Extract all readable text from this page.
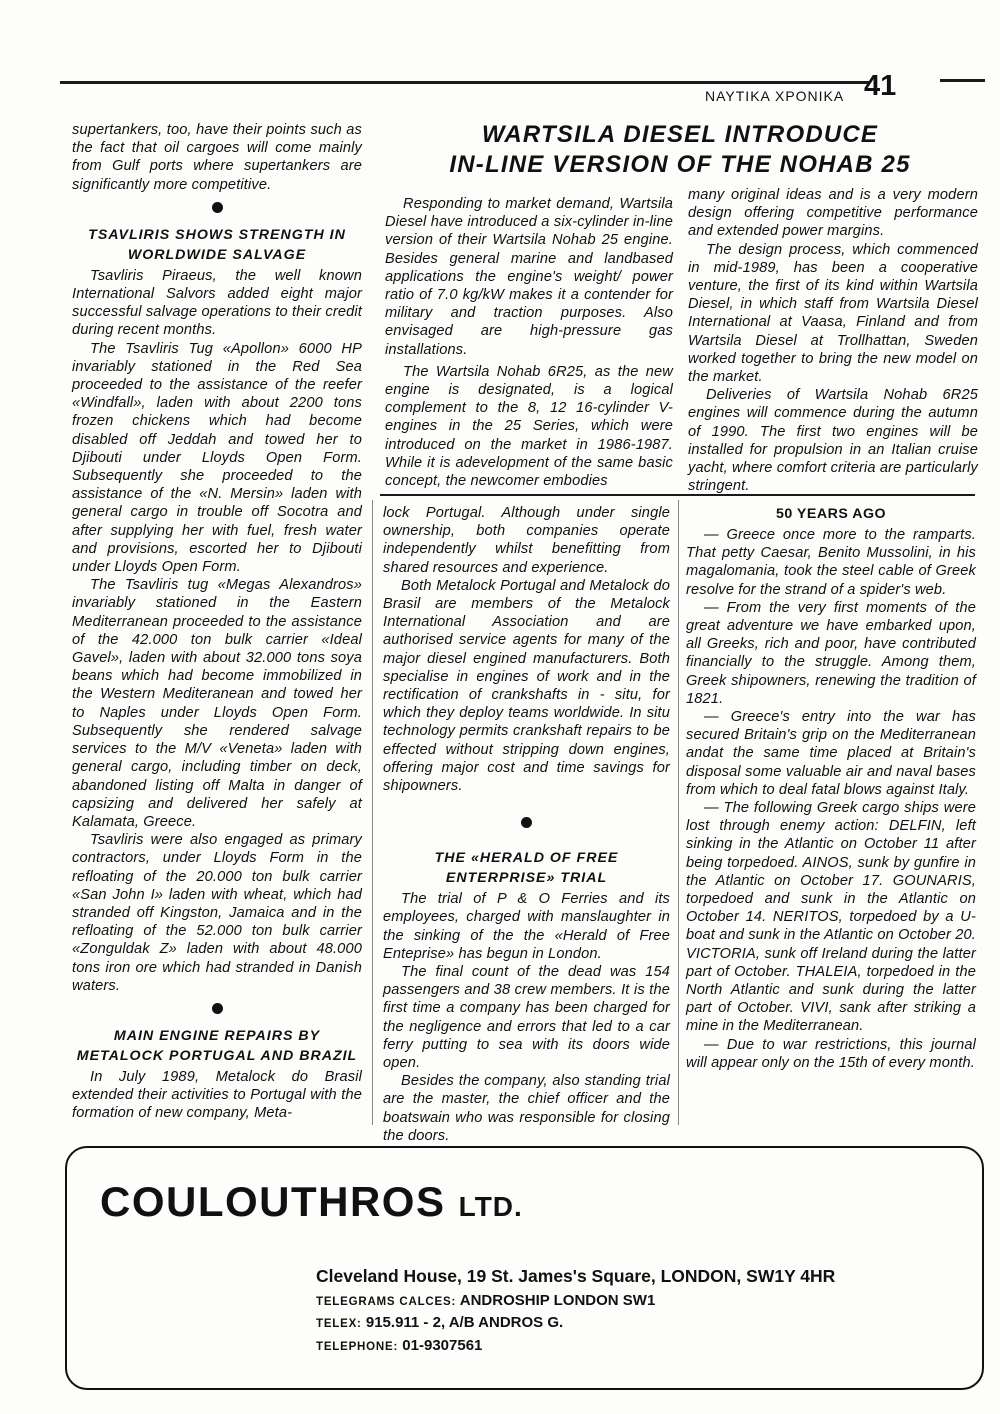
ΝΑΥΤΙΚΑ ΧΡΟΝΙΚΑ 41
WARTSILA DIESEL INTRODUCE
IN-LINE VERSION OF THE NOHAB 25

supertankers, too, have their points such as the fact that oil cargoes will come mainly from Gulf ports where supertankers are significantly more competitive.

TSAVLIRIS SHOWS STRENGTH IN WORLDWIDE SALVAGE

Tsavliris Piraeus, the well known International Salvors added eight major successful salvage operations to their credit during recent months.

The Tsavliris Tug «Apollon» 6000 HP invariably stationed in the Red Sea proceeded to the assistance of the reefer «Windfall», laden with about 2200 tons frozen chickens which had become disabled off Jeddah and towed her to Djibouti under Lloyds Open Form. Subsequently she proceeded to the assistance of the «N. Mersin» laden with general cargo in trouble off Socotra and after supplying her with fuel, fresh water and provisions, escorted her to Djibouti under Lloyds Open Form.

The Tsavliris tug «Megas Alexandros» invariably stationed in the Eastern Mediterranean proceeded to the assistance of the 42.000 ton bulk carrier «Ideal Gavel», laden with about 32.000 tons soya beans which had become immobilized in the Western Mediteranean and towed her to Naples under Lloyds Open Form. Subsequently she rendered salvage services to the M/V «Veneta» laden with general cargo, including timber on deck, abandoned listing off Malta in danger of capsizing and delivered her safely at Kalamata, Greece.

Tsavliris were also engaged as primary contractors, under Lloyds Form in the refloating of the 20.000 ton bulk carrier «San John I» laden with wheat, which had stranded off Kingston, Jamaica and in the refloating of the 52.000 ton bulk carrier «Zonguldak Z» laden with about 48.000 tons iron ore which had stranded in Danish waters.

MAIN ENGINE REPAIRS BY METALOCK PORTUGAL AND BRAZIL

In July 1989, Metalock do Brasil extended their activities to Portugal with the formation of new company, Meta-

Responding to market demand, Wartsila Diesel have introduced a six-cylinder in-line version of their Wartsila Nohab 25 engine. Besides general marine and landbased applications the engine's weight/ power ratio of 7.0 kg/kW makes it a contender for military and traction purposes. Also envisaged are high-pressure gas installations.

The Wartsila Nohab 6R25, as the new engine is designated, is a logical complement to the 8, 12 16-cylinder V-engines in the 25 Series, which were introduced on the market in 1986-1987. While it is adevelopment of the same basic concept, the newcomer embodies

many original ideas and is a very modern design offering competitive performance and extended power margins.

The design process, which commenced in mid-1989, has been a cooperative venture, the first of its kind within Wartsila Diesel, in which staff from Wartsila Diesel International at Vaasa, Finland and from Wartsila Diesel at Trollhattan, Sweden worked together to bring the new model on the market.

Deliveries of Wartsila Nohab 6R25 engines will commence during the autumn of 1990. The first two engines will be installed for propulsion in an Italian cruise yacht, where comfort criteria are particularly stringent.

lock Portugal. Although under single ownership, both companies operate independently whilst benefitting from shared resources and experience.

Both Metalock Portugal and Metalock do Brasil are members of the Metalock International Association and are authorised service agents for many of the major diesel engined manufacturers. Both specialise in engines of work and in the rectification of crankshafts in - situ, for which they deploy teams worldwide. In situ technology permits crankshaft repairs to be effected without stripping down engines, offering major cost and time savings for shipowners.

THE «HERALD OF FREE ENTERPRISE» TRIAL

The trial of P & O Ferries and its employees, charged with manslaughter in the sinking of the the «Herald of Free Enteprise» has begun in London.

The final count of the dead was 154 passengers and 38 crew members. It is the first time a company has been charged for the negligence and errors that led to a car ferry putting to sea with its doors wide open.

Besides the company, also standing trial are the master, the chief officer and the boatswain who was responsible for closing the doors.

50 YEARS AGO

— Greece once more to the ramparts. That petty Caesar, Benito Mussolini, in his magalomania, took the steel cable of Greek resolve for the strand of a spider's web.

— From the very first moments of the great adventure we have embarked upon, all Greeks, rich and poor, have contributed financially to the struggle. Among them, Greek shipowners, renewing the tradition of 1821.

— Greece's entry into the war has secured Britain's grip on the Mediterranean andat the same time placed at Britain's disposal some valuable air and naval bases from which to deal fatal blows against Italy.

— The following Greek cargo ships were lost through enemy action: DELFIN, left sinking in the Atlantic on October 11 after being torpedoed. AINOS, sunk by gunfire in the Atlantic on October 17. GOUNARIS, torpedoed and sunk in the Atlantic on October 14. NERITOS, torpedoed by a U-boat and sunk in the Atlantic on October 20. VICTORIA, sunk off Ireland during the latter part of October. THALEIA, torpedoed in the North Atlantic and sunk during the latter part of October. VIVI, sank after striking a mine in the Mediterranean.

— Due to war restrictions, this journal will appear only on the 15th of every month.

COULOUTHROS LTD.
Cleveland House, 19 St. James's Square, LONDON, SW1Y 4HR
TELEGRAMS CALCES: ANDROSHIP LONDON SW1
TELEX: 915.911 - 2, A/B ANDROS G.
TELEPHONE: 01-9307561
